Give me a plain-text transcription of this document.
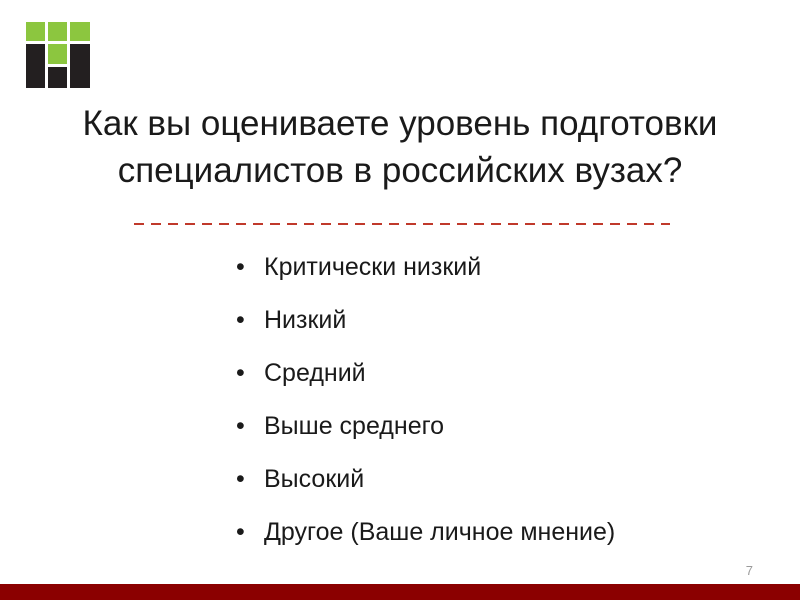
Как вы оцениваете уровень подготовки
специалистов в российских вузах?
• Критически низкий
• Низкий
• Средний
• Выше среднего
• Высокий
• Другое (Ваше личное мнение)
7
